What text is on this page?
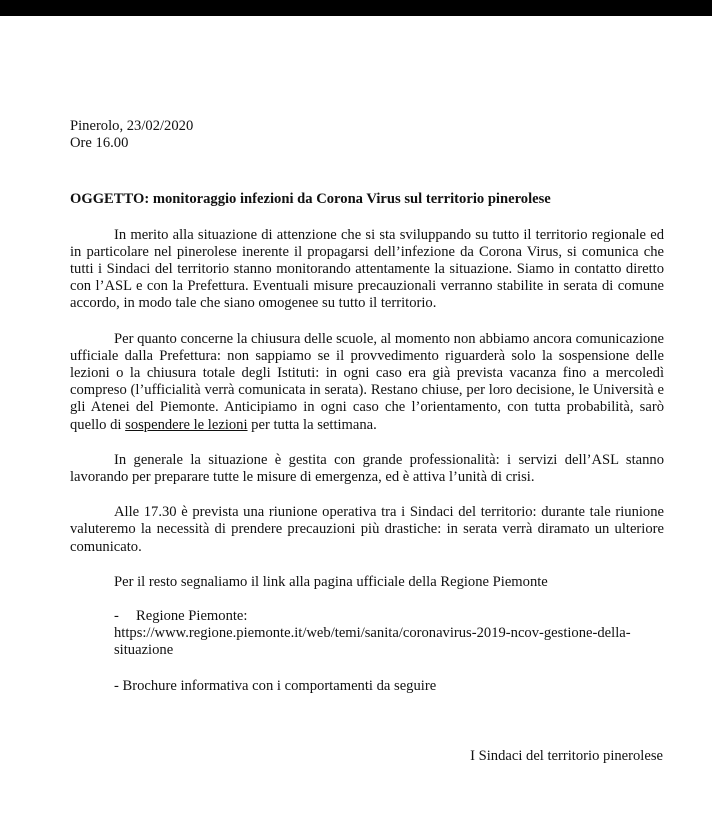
Pinerolo, 23/02/2020
Ore 16.00
OGGETTO: monitoraggio infezioni da Corona Virus sul territorio pinerolese
In merito alla situazione di attenzione che si sta sviluppando su tutto il territorio regionale ed in particolare nel pinerolese inerente il propagarsi dell’infezione da Corona Virus, si comunica che tutti i Sindaci del territorio stanno monitorando attentamente la situazione. Siamo in contatto diretto con l’ASL e con la Prefettura. Eventuali misure precauzionali verranno stabilite in serata di comune accordo, in modo tale che siano omogenee su tutto il territorio.
Per quanto concerne la chiusura delle scuole, al momento non abbiamo ancora comunicazione ufficiale dalla Prefettura: non sappiamo se il provvedimento riguarderà solo la sospensione delle lezioni o la chiusura totale degli Istituti: in ogni caso era già prevista vacanza fino a mercoledì compreso (l’ufficialità verrà comunicata in serata). Restano chiuse, per loro decisione, le Università e gli Atenei del Piemonte. Anticipiamo in ogni caso che l’orientamento, con tutta probabilità, sarò quello di sospendere le lezioni per tutta la settimana.
In generale la situazione è gestita con grande professionalità: i servizi dell’ASL stanno lavorando per preparare tutte le misure di emergenza, ed è attiva l’unità di crisi.
Alle 17.30 è prevista una riunione operativa tra i Sindaci del territorio: durante tale riunione valuteremo la necessità di prendere precauzioni più drastiche: in serata verrà diramato un ulteriore comunicato.
Per il resto segnaliamo il link alla pagina ufficiale della Regione Piemonte
- Regione Piemonte:
https://www.regione.piemonte.it/web/temi/sanita/coronavirus-2019-ncov-gestione-della-
situazione
- Brochure informativa con i comportamenti da seguire
I Sindaci del territorio pinerolese
